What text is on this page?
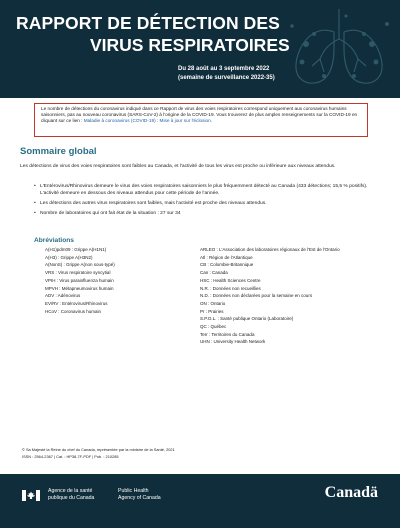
RAPPORT DE DÉTECTION DES
VIRUS RESPIRATOIRES
Du 28 août au 3 septembre 2022
(semaine de surveillance 2022-35)
Le nombre de détections du coronavirus indiqué dans ce Rapport de virus des voies respiratoires correspond uniquement aux coronavirus humains saisonniers, pas au nouveau coronavirus (SARS-CoV-2) à l'origine de la COVID-19. Vous trouverez de plus amples renseignements sur la COVID-19 en cliquant sur ce lien : Maladie à coronavirus (COVID-19) : Mise à jour sur l'éclosion.
Sommaire global
Les détections de virus des voies respiratoires sont faibles au Canada, et l'activité de tous les virus est proche ou inférieure aux niveaux attendus.
• L'Entérovirus/Rhinovirus demeure le virus des voies respiratoires saisonniers le plus fréquemment détecté au Canada (433 détections; 15,5 % positifs). L'activité demeure en dessous des niveaux attendus pour cette période de l'année.
• Les détections des autres virus respiratoires sont faibles, mais l'activité est proche des niveaux attendus.
• Nombre de laboratoires qui ont fait état de la situation : 27 sur 34
Abréviations
A(H1)pdm09 : Grippe A(H1N1)
A(H3) : Grippe A(H3N2)
A(NonS) : Grippe A(non sous-typé)
VRS : Virus respiratoire syncytial
VPIH : Virus parainfluenza humain
MPVH : Métapneumovirus humain
ADV : Adénovirus
EV/RV : Entérovirus/Rhinovirus
HCoV : Coronavirus humain
ARLEO : L'Association des laboratoires régionaux de l'Est de l'Ontario
Atl : Région de l'Atlantique
CB : Colombie-Britannique
Can : Canada
HSC : Health Sciences Centre
N.R. : Données non recueillies
N.D. : Données non déclarées pour la semaine en cours
ON : Ontario
Pr : Prairies
S.P.O.L. : Santé publique Ontario (Laboratoire)
QC : Québec
Terr : Territoires du Canada
UHN : University Health Network
© Sa Majesté la Reine du chef du Canada, représentée par la ministre de la Santé, 2021
ISSN : 2564-2367 | Cat. : HP38-7F-PDF | Pub. : 210285
Agence de la santé
publique du Canada
Public Health
Agency of Canada	Canadä
